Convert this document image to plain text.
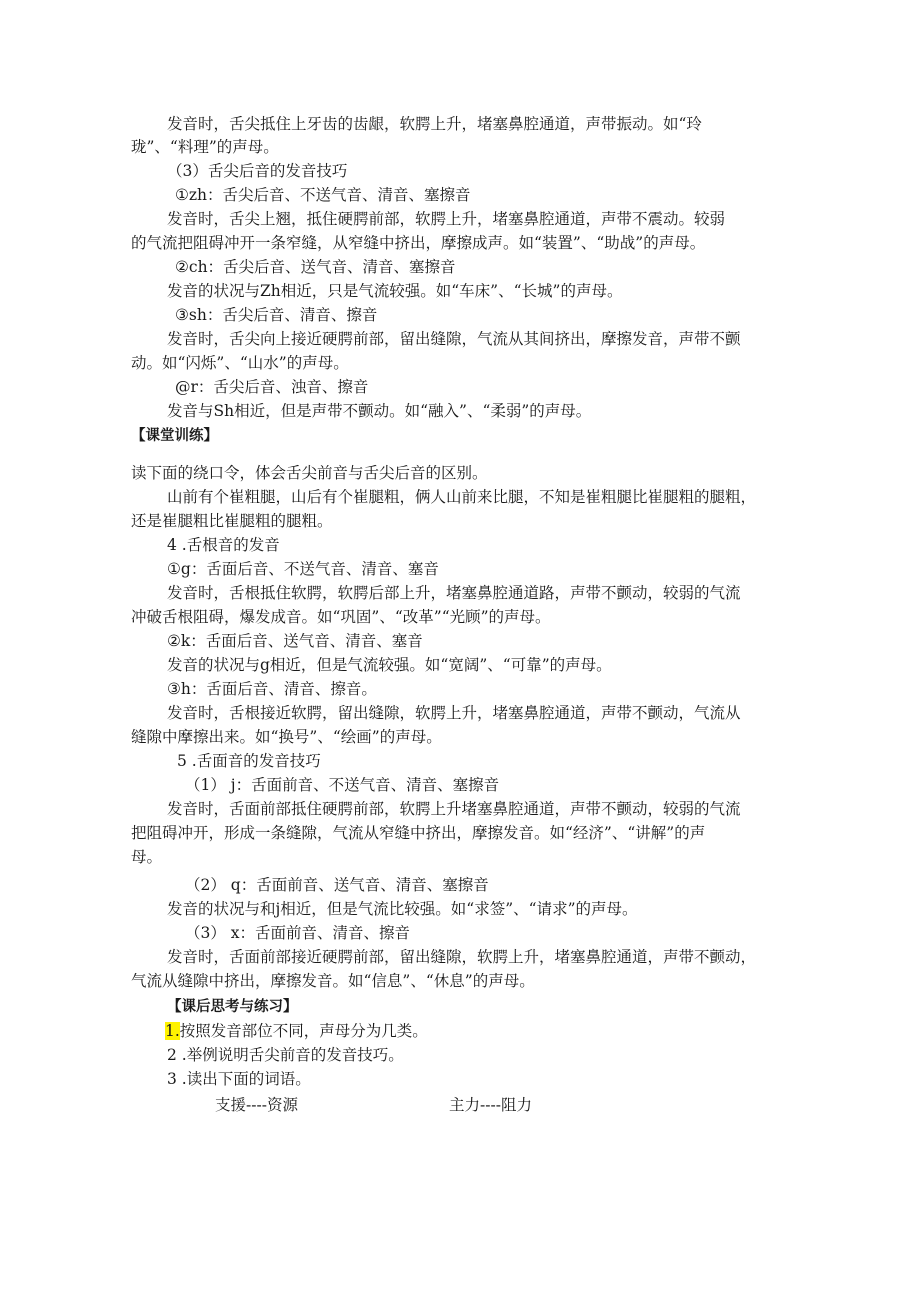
发音时，舌尖抵住上牙齿的齿龈，软腭上升，堵塞鼻腔通道，声带振动。如“玲
珑”、“料理”的声母。
（3）舌尖后音的发音技巧
①zh：舌尖后音、不送气音、清音、塞擦音
发音时，舌尖上翘，抵住硬腭前部，软腭上升，堵塞鼻腔通道，声带不震动。较弱
的气流把阻碍冲开一条窄缝，从窄缝中挤出，摩擦成声。如“装置”、“助战”的声母。
②ch：舌尖后音、送气音、清音、塞擦音
发音的状况与Zh相近，只是气流较强。如“车床”、“长城”的声母。
③sh：舌尖后音、清音、擦音
发音时，舌尖向上接近硬腭前部，留出缝隙，气流从其间挤出，摩擦发音，声带不颤
动。如“闪烁”、“山水”的声母。
@r：舌尖后音、浊音、擦音
发音与Sh相近，但是声带不颤动。如“融入”、“柔弱”的声母。
【课堂训练】
读下面的绕口令，体会舌尖前音与舌尖后音的区别。
山前有个崔粗腿，山后有个崔腿粗，俩人山前来比腿，不知是崔粗腿比崔腿粗的腿粗，
还是崔腿粗比崔腿粗的腿粗。
4 .舌根音的发音
①g：舌面后音、不送气音、清音、塞音
发音时，舌根抵住软腭，软腭后部上升，堵塞鼻腔通道路，声带不颤动，较弱的气流
冲破舌根阻碍，爆发成音。如“巩固”、“改革”“光顾”的声母。
②k：舌面后音、送气音、清音、塞音
发音的状况与g相近，但是气流较强。如“宽阔”、“可靠”的声母。
③h：舌面后音、清音、擦音。
发音时，舌根接近软腭，留出缝隙，软腭上升，堵塞鼻腔通道，声带不颤动，气流从
缝隙中摩擦出来。如“换号”、“绘画”的声母。
5 .舌面音的发音技巧
（1） j：舌面前音、不送气音、清音、塞擦音
发音时，舌面前部抵住硬腭前部，软腭上升堵塞鼻腔通道，声带不颤动，较弱的气流
把阻碍冲开，形成一条缝隙，气流从窄缝中挤出，摩擦发音。如“经济”、“讲解”的声
母。
（2） q：舌面前音、送气音、清音、塞擦音
发音的状况与和j相近，但是气流比较强。如“求签”、“请求”的声母。
（3） x：舌面前音、清音、擦音
发音时，舌面前部接近硬腭前部，留出缝隙，软腭上升，堵塞鼻腔通道，声带不颤动，
气流从缝隙中挤出，摩擦发音。如“信息”、“休息”的声母。
【课后思考与练习】
1.按照发音部位不同，声母分为几类。
2 .举例说明舌尖前音的发音技巧。
3 .读出下面的词语。
支援----资源	主力----阻力
